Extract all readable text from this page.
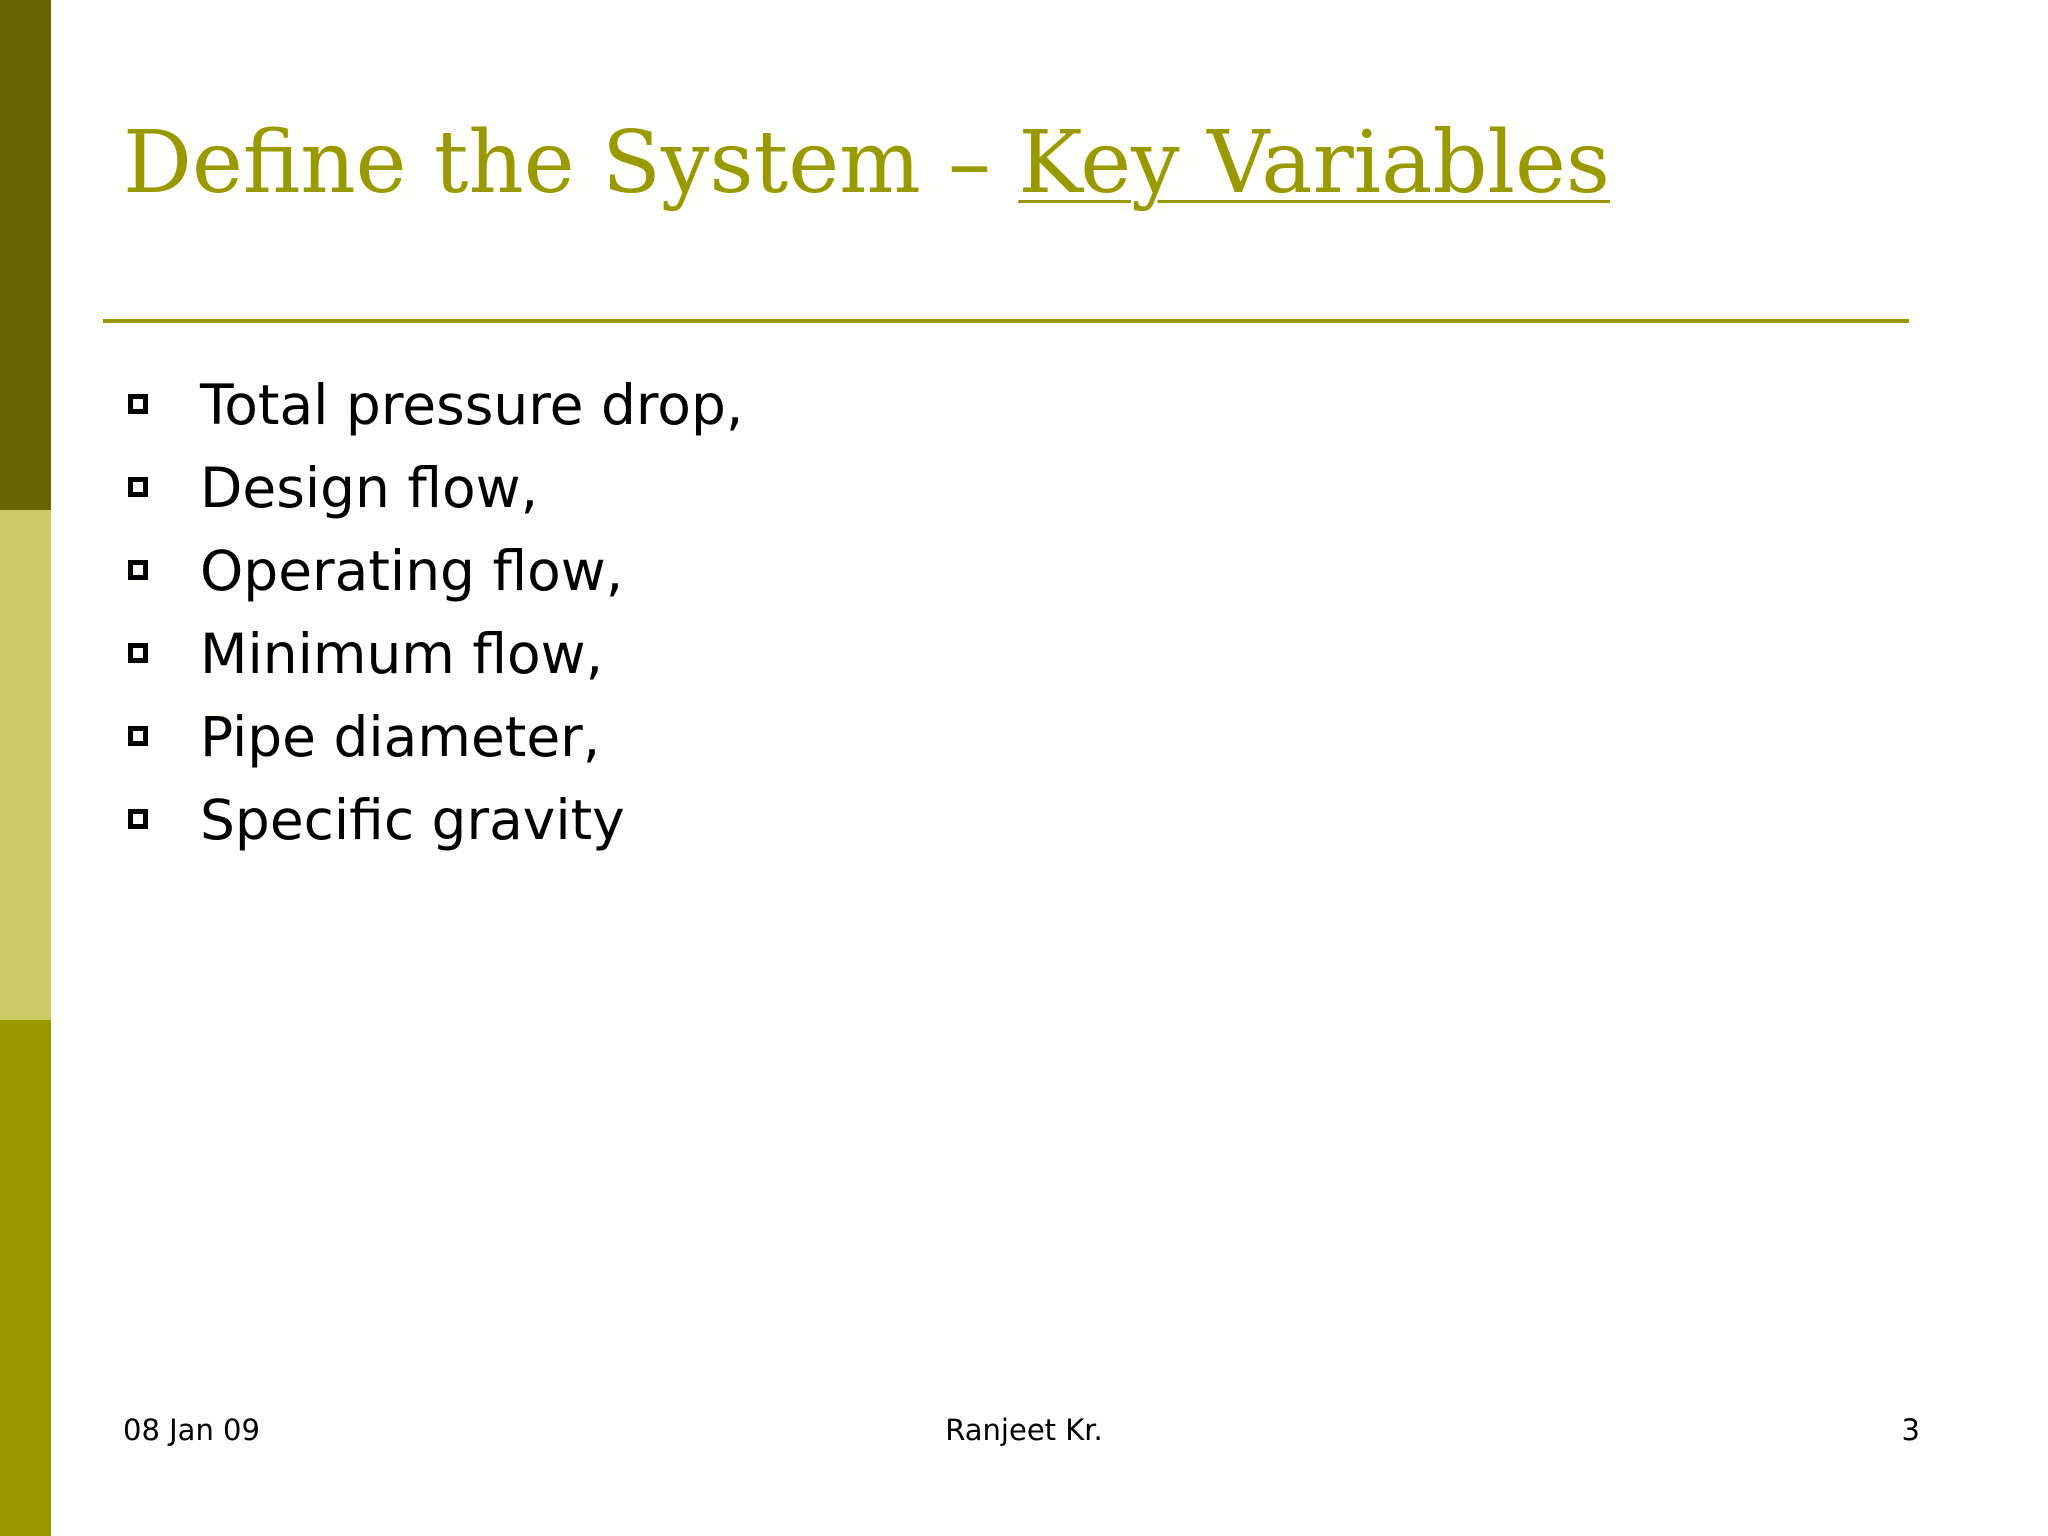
Define the System – Key Variables
Total pressure drop,
Design flow,
Operating flow,
Minimum flow,
Pipe diameter,
Specific gravity
08 Jan 09	Ranjeet Kr.	3
